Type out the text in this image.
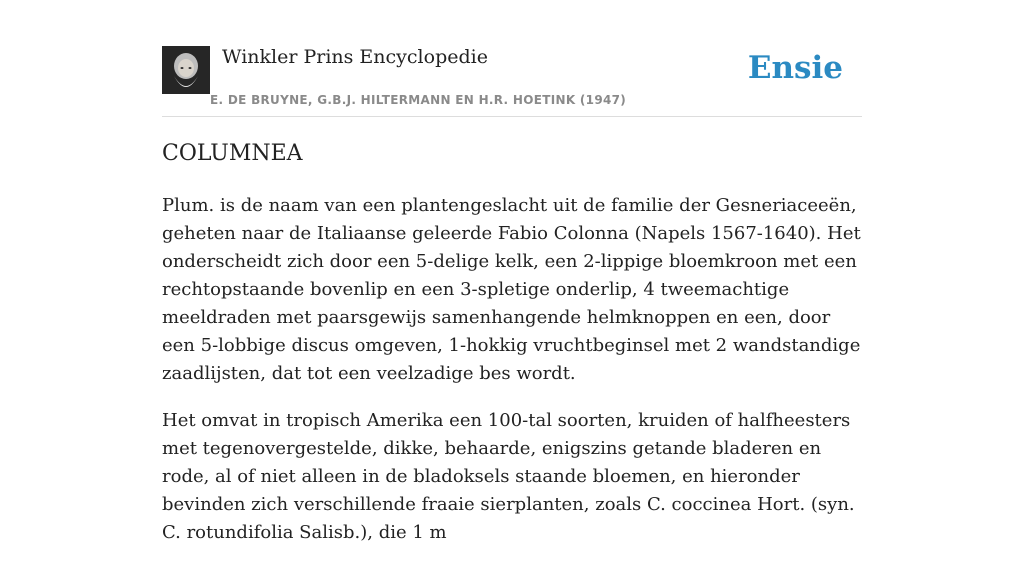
Winkler Prins Encyclopedie
E. DE BRUYNE, G.B.J. HILTERMANN EN H.R. HOETINK (1947)
Ensie
COLUMNEA

Plum. is de naam van een plantengeslacht uit de familie der Gesneriaceeën, geheten naar de Italiaanse geleerde Fabio Colonna (Napels 1567-1640). Het onderscheidt zich door een 5-delige kelk, een 2-lippige bloemkroon met een rechtopstaande bovenlip en een 3-spletige onderlip, 4 tweemachtige meeldraden met paarsgewijs samenhangende helmknoppen en een, door een 5-lobbige discus omgeven, 1-hokkig vruchtbeginsel met 2 wandstandige zaadlijsten, dat tot een veelzadige bes wordt.

Het omvat in tropisch Amerika een 100-tal soorten, kruiden of halfheesters met tegenovergestelde, dikke, behaarde, enigszins getande bladeren en rode, al of niet alleen in de bladoksels staande bloemen, en hieronder bevinden zich verschillende fraaie sierplanten, zoals C. coccinea Hort. (syn. C. rotundifolia Salisb.), die 1 m
